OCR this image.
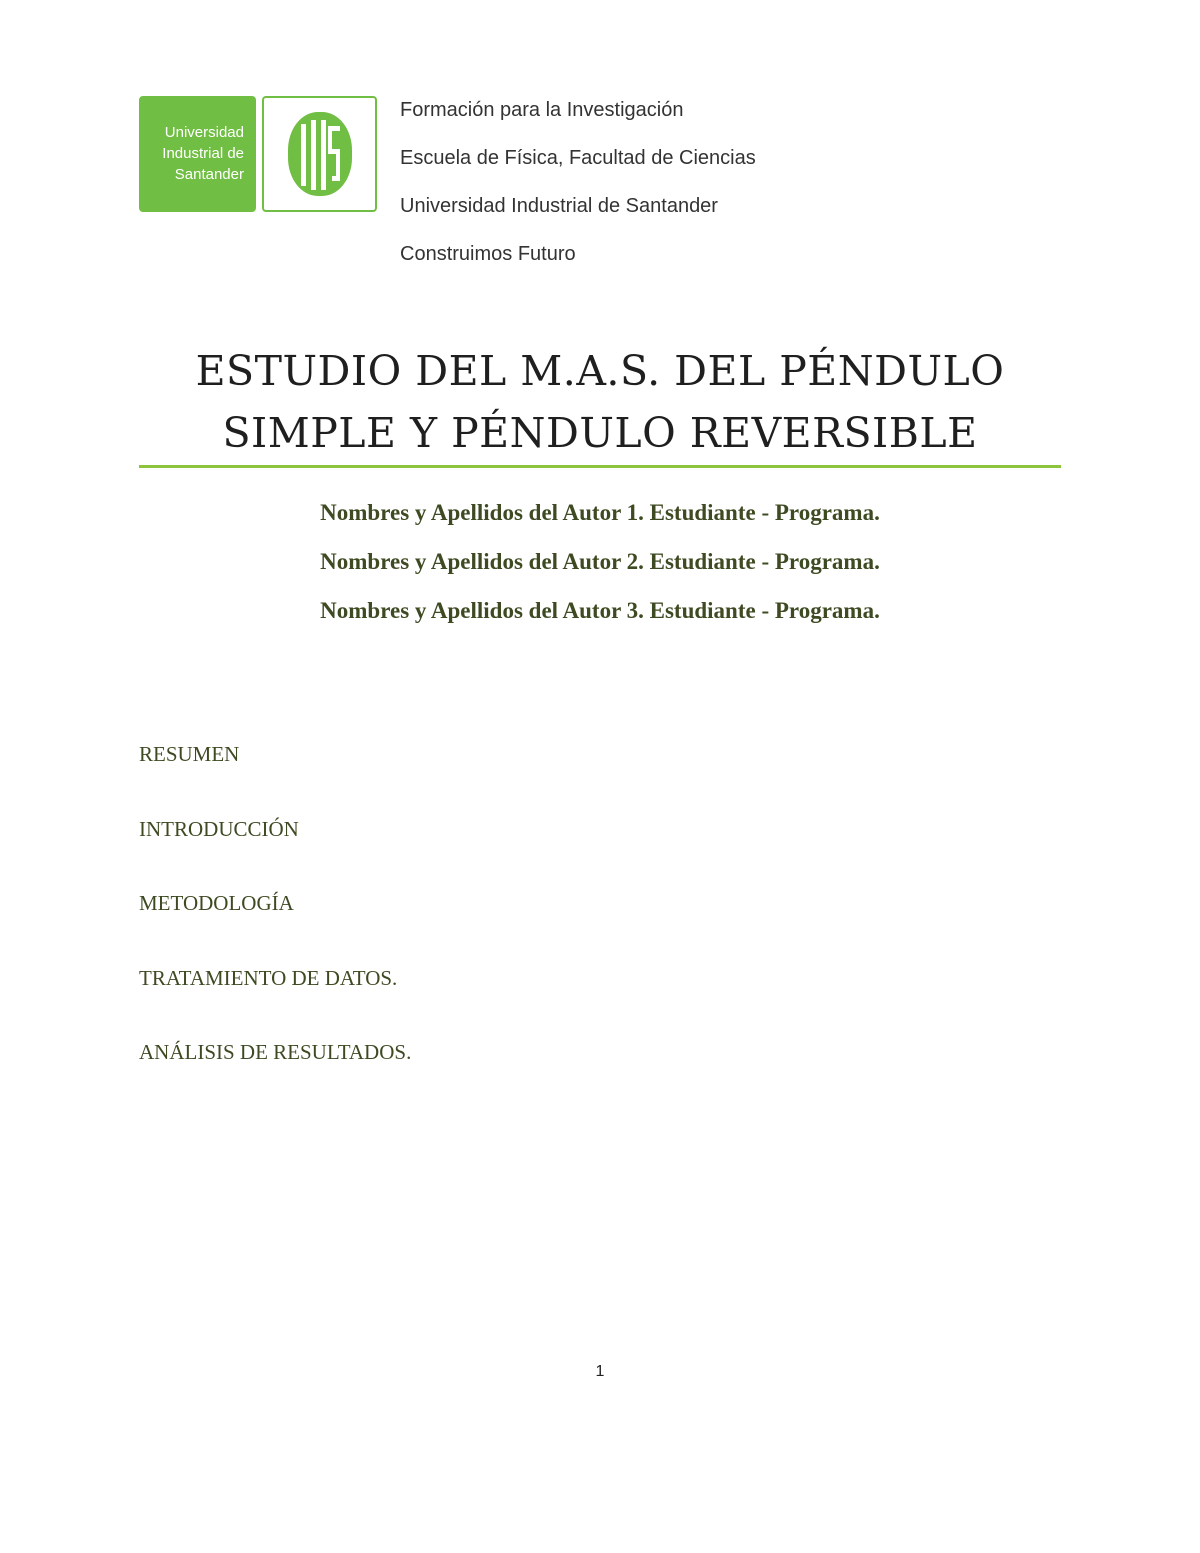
Universidad
Industrial de
Santander
Formación para la Investigación
Escuela de Física, Facultad de Ciencias
Universidad Industrial de Santander
Construimos Futuro
ESTUDIO DEL M.A.S. DEL PÉNDULO
SIMPLE Y PÉNDULO REVERSIBLE
Nombres y Apellidos del Autor 1. Estudiante - Programa.
Nombres y Apellidos del Autor 2. Estudiante - Programa.
Nombres y Apellidos del Autor 3. Estudiante - Programa.
RESUMEN
INTRODUCCIÓN
METODOLOGÍA
TRATAMIENTO DE DATOS.
ANÁLISIS DE RESULTADOS.
1
